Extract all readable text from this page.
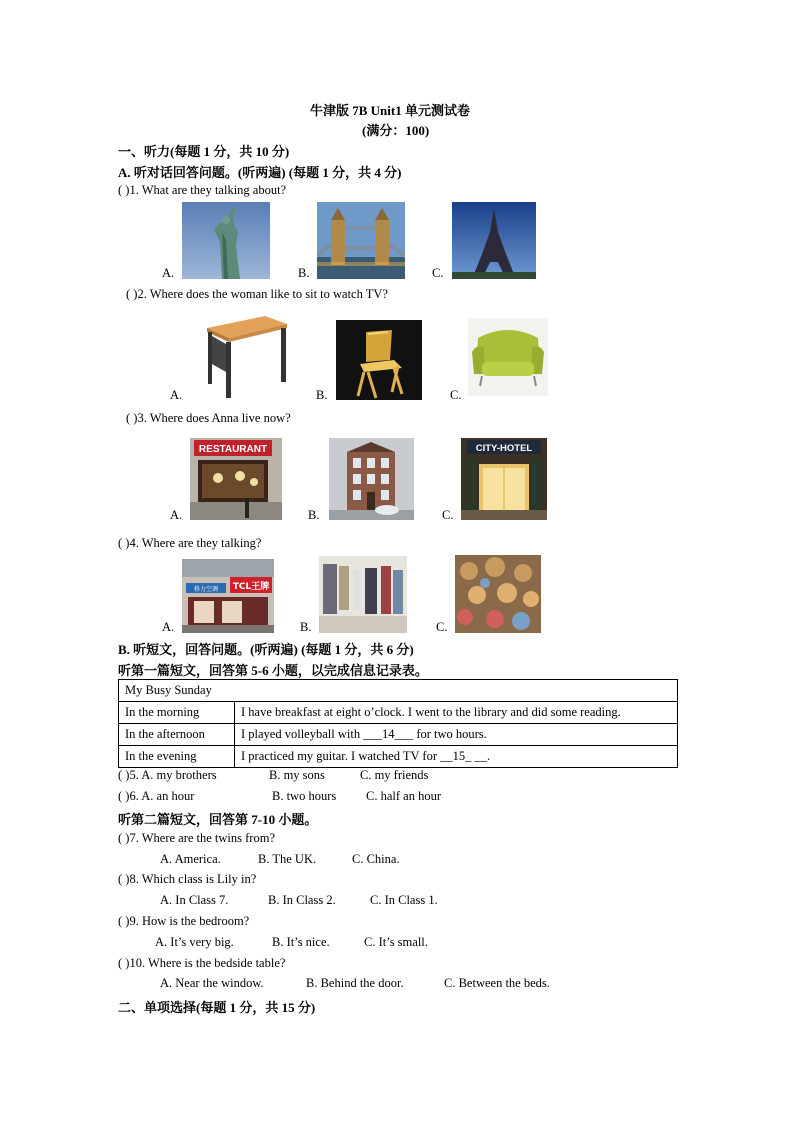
牛津版 7B Unit1 单元测试卷
(满分：100)
一、听力(每题 1 分，共 10 分)
A. 听对话回答问题。(听两遍) (每题 1 分，共 4 分)
( )1. What are they talking about?
A.	B.	C.
( )2. Where does the woman like to sit to watch TV?
A.	B.	C.
( )3. Where does Anna live now?
A.
RESTAURANT
B.	C.
CITY-HOTEL
( )4. Where are they talking?
A.
TCL王牌
格力空调
B.	C.
B. 听短文，回答问题。(听两遍) (每题 1 分，共 6 分)
听第一篇短文，回答第 5-6 小题，以完成信息记录表。
My Busy Sunday	
In the morning	I have breakfast at eight o’clock. I went to the library and did some reading.
In the afternoon	I played volleyball with ___14___ for two hours.
In the evening	I practiced my guitar. I watched TV for __15_ __.
( )5. A. my brothers	B. my sons	C. my friends
( )6. A. an hour	B. two hours C. half an hour
听第二篇短文，回答第 7-10 小题。
( )7. Where are the twins from?
A. America.	B. The UK.	C. China.
( )8. Which class is Lily in?
A. In Class 7.	B. In Class 2.	C. In Class 1.
( )9. How is the bedroom?
A. It’s very big.	B. It’s nice.	C. It’s small.
( )10. Where is the bedside table?
A. Near the window.	B. Behind the door.	C. Between the beds.
二、单项选择(每题 1 分，共 15 分)
